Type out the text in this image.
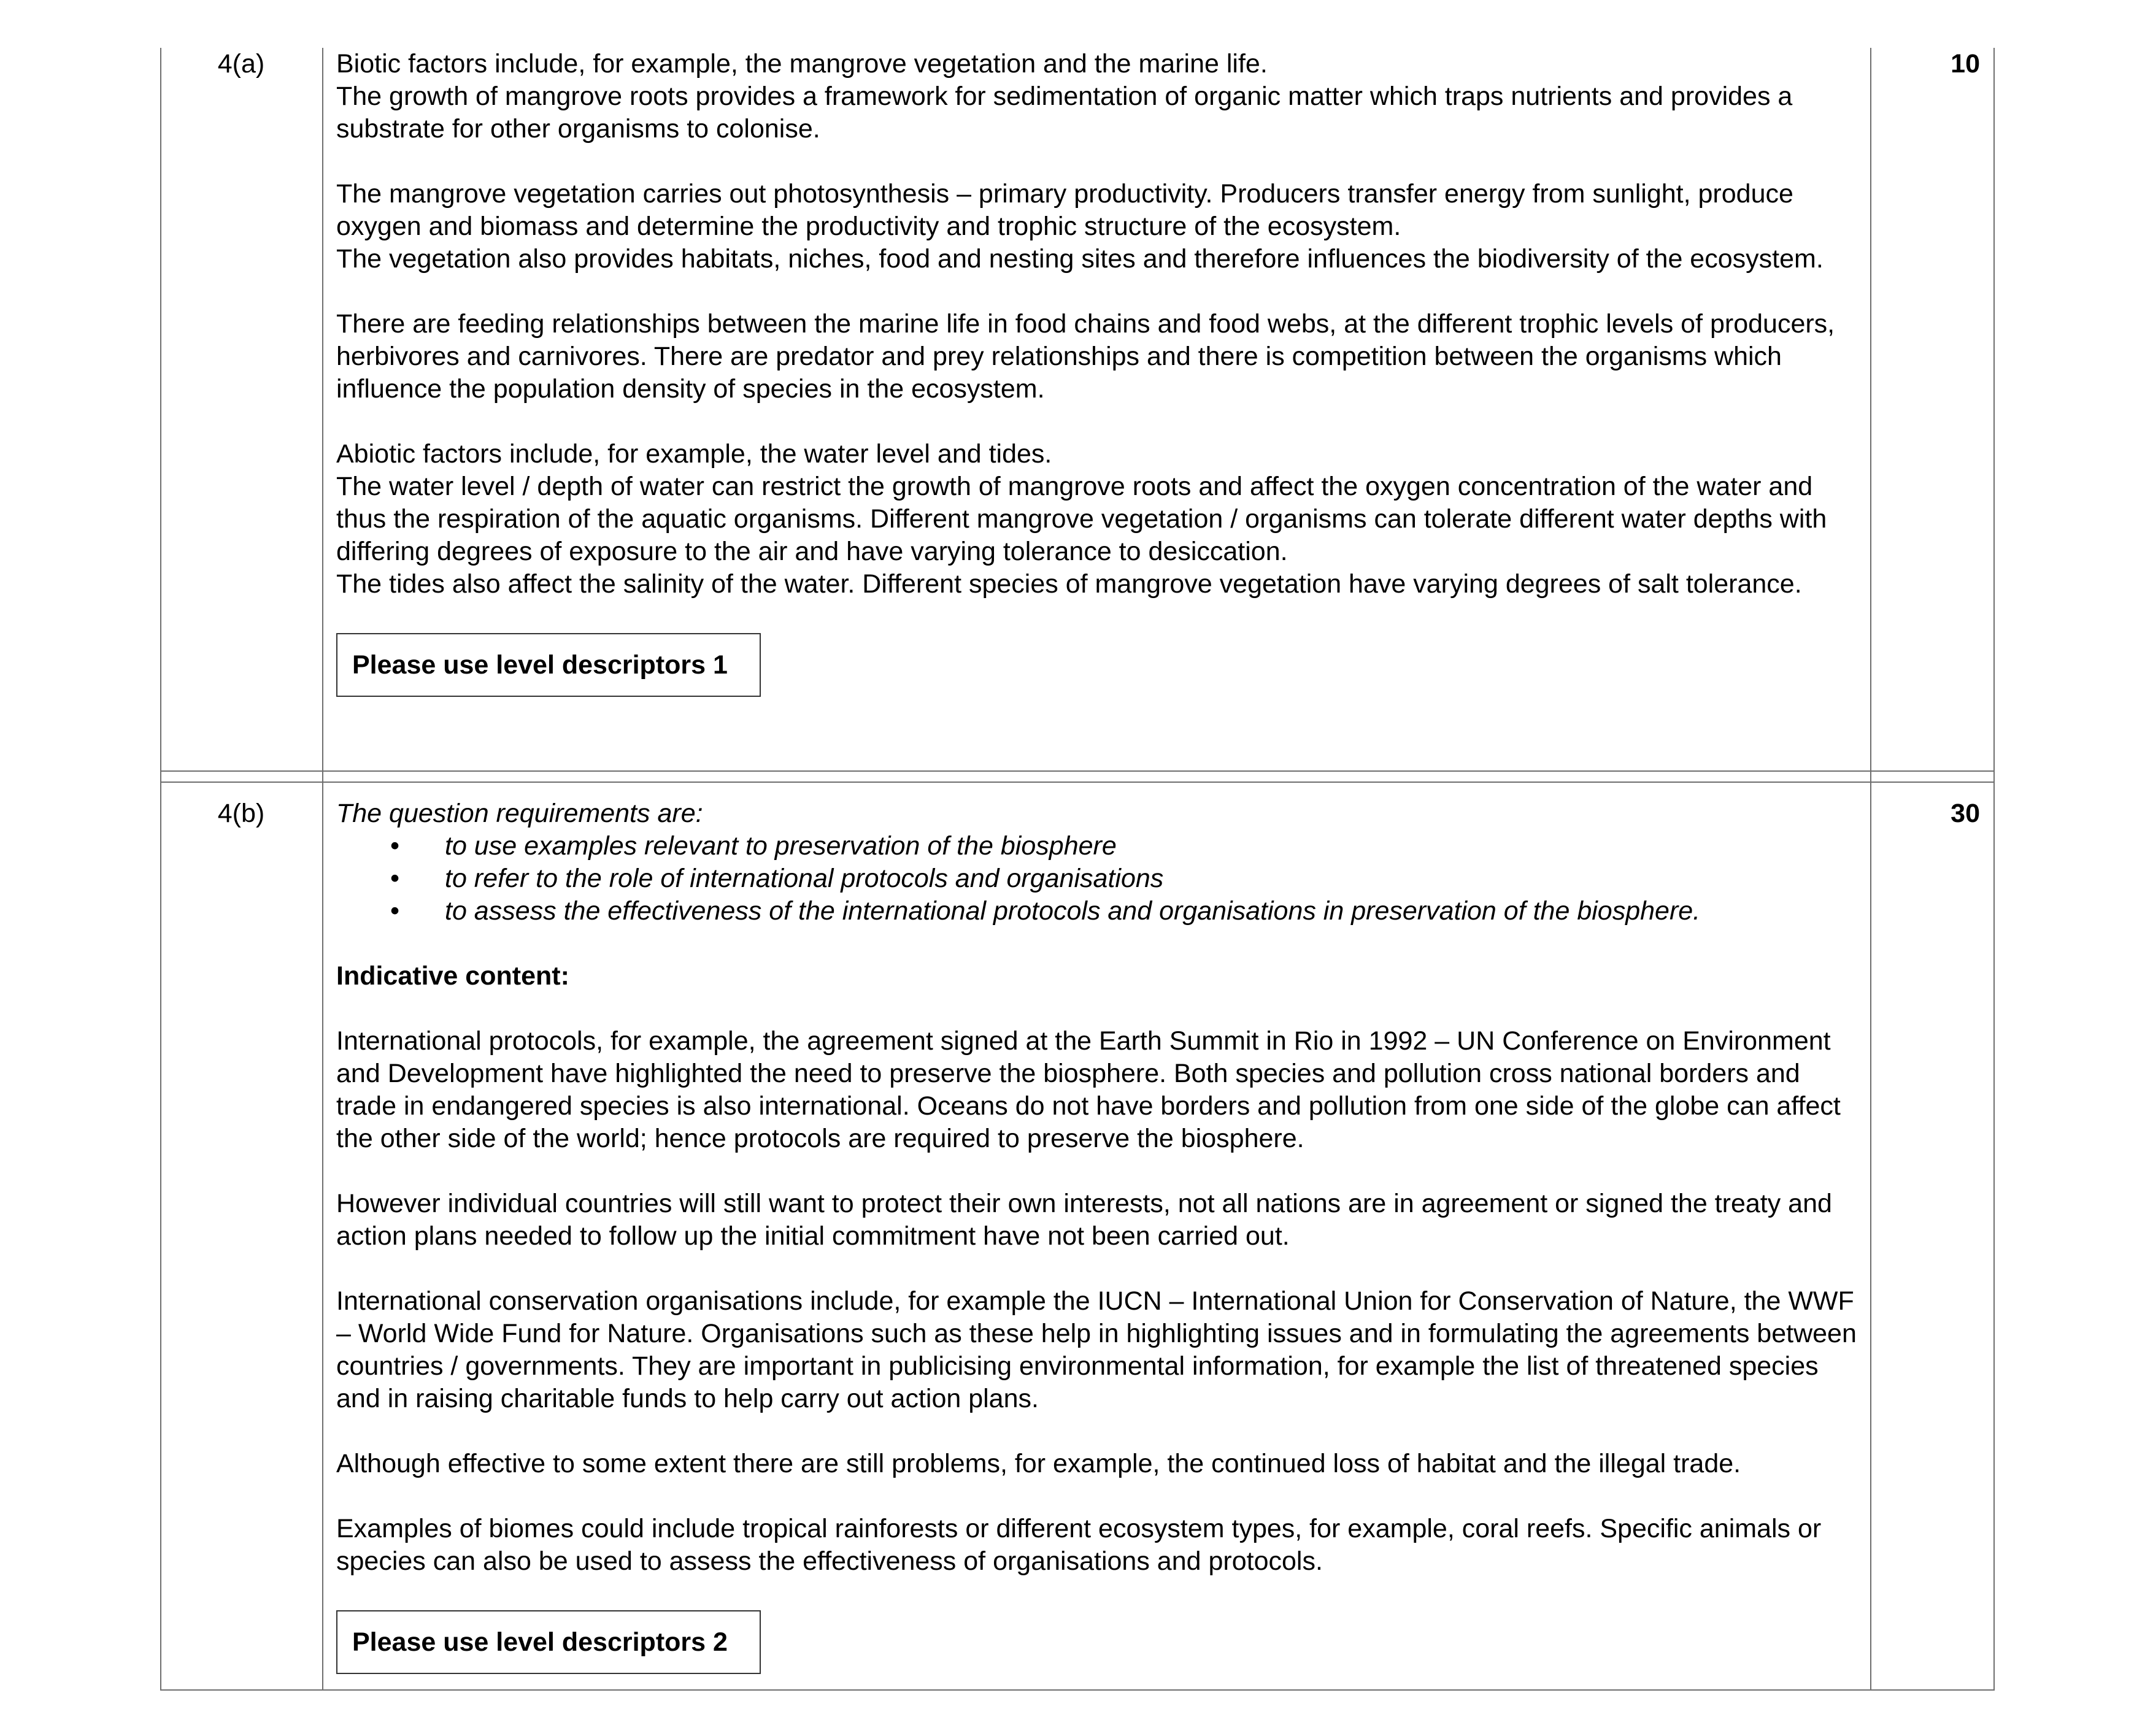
4(a)	Biotic factors include, for example, the mangrove vegetation and the marine life.
The growth of mangrove roots provides a framework for sedimentation of organic matter which traps nutrients and provides a substrate for other organisms to colonise.

The mangrove vegetation carries out photosynthesis – primary productivity. Producers transfer energy from sunlight, produce oxygen and biomass and determine the productivity and trophic structure of the ecosystem.
The vegetation also provides habitats, niches, food and nesting sites and therefore influences the biodiversity of the ecosystem.

There are feeding relationships between the marine life in food chains and food webs, at the different trophic levels of producers, herbivores and carnivores. There are predator and prey relationships and there is competition between the organisms which influence the population density of species in the ecosystem.

Abiotic factors include, for example, the water level and tides.
The water level / depth of water can restrict the growth of mangrove roots and affect the oxygen concentration of the water and thus the respiration of the aquatic organisms. Different mangrove vegetation / organisms can tolerate different water depths with differing degrees of exposure to the air and have varying tolerance to desiccation.
The tides also affect the salinity of the water. Different species of mangrove vegetation have varying degrees of salt tolerance.

Please use level descriptors 1
10
4(b)	The question requirements are:
• to use examples relevant to preservation of the biosphere
• to refer to the role of international protocols and organisations
• to assess the effectiveness of the international protocols and organisations in preservation of the biosphere.

Indicative content:

International protocols, for example, the agreement signed at the Earth Summit in Rio in 1992 – UN Conference on Environment and Development have highlighted the need to preserve the biosphere. Both species and pollution cross national borders and trade in endangered species is also international. Oceans do not have borders and pollution from one side of the globe can affect the other side of the world; hence protocols are required to preserve the biosphere.

However individual countries will still want to protect their own interests, not all nations are in agreement or signed the treaty and action plans needed to follow up the initial commitment have not been carried out.

International conservation organisations include, for example the IUCN – International Union for Conservation of Nature, the WWF – World Wide Fund for Nature. Organisations such as these help in highlighting issues and in formulating the agreements between countries / governments. They are important in publicising environmental information, for example the list of threatened species and in raising charitable funds to help carry out action plans.

Although effective to some extent there are still problems, for example, the continued loss of habitat and the illegal trade.

Examples of biomes could include tropical rainforests or different ecosystem types, for example, coral reefs. Specific animals or species can also be used to assess the effectiveness of organisations and protocols.

Please use level descriptors 2
30
